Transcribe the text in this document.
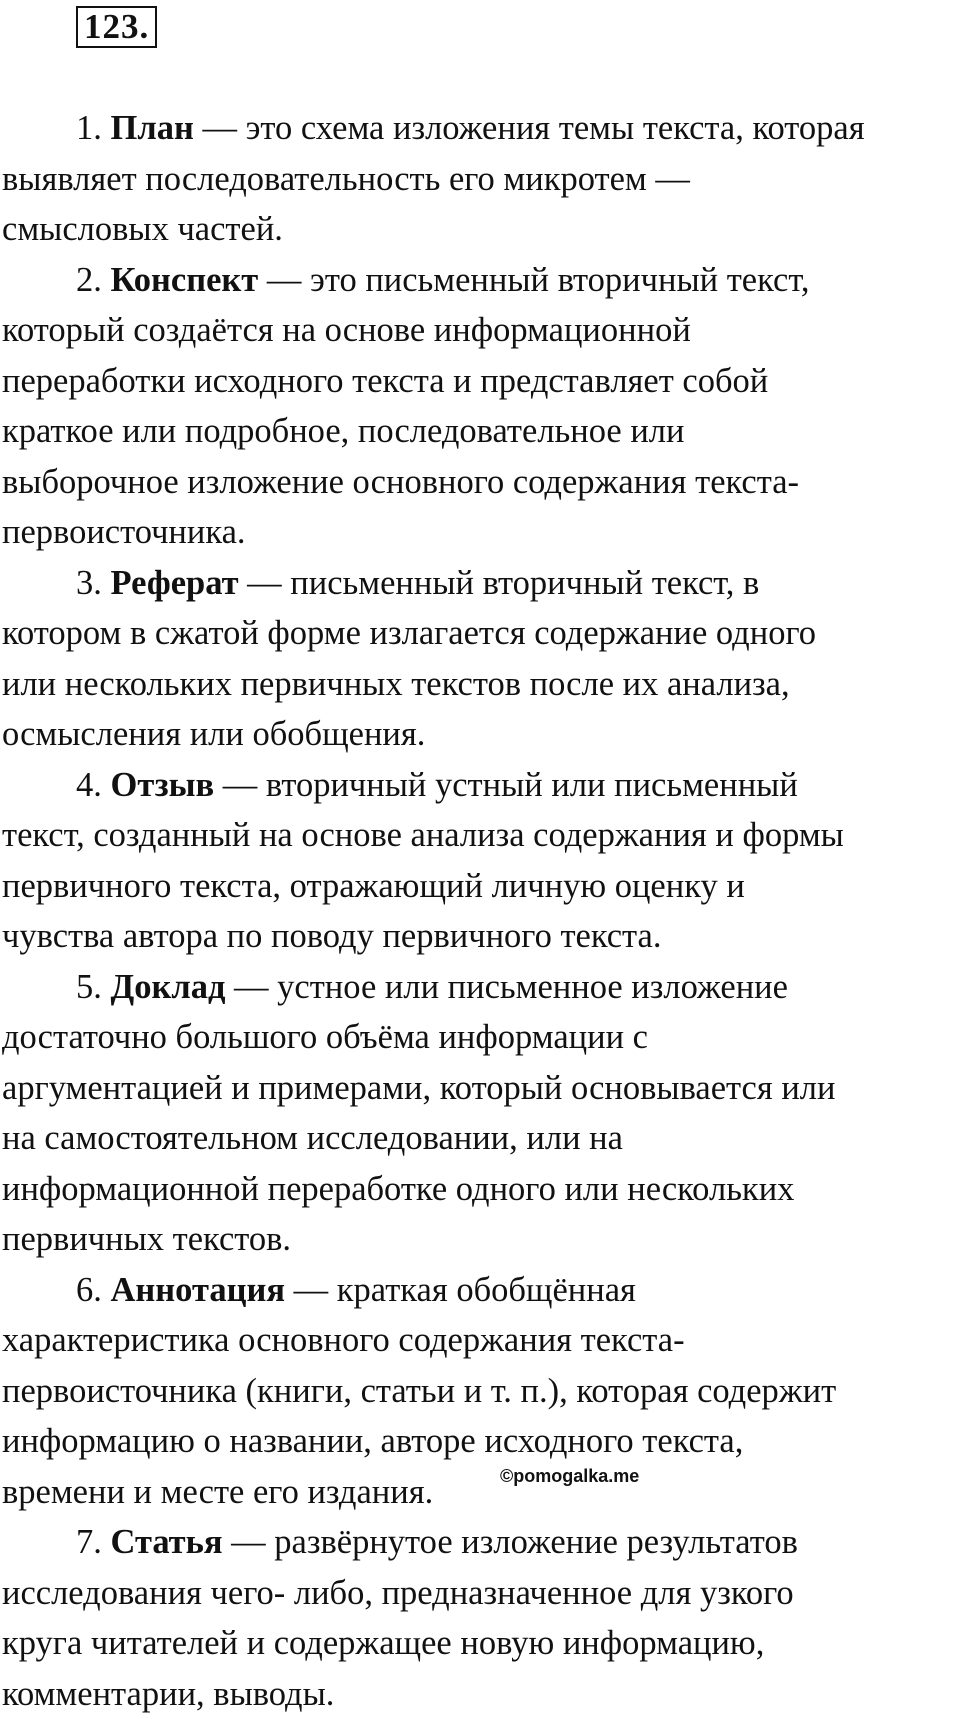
123.

1. План — это схема изложения темы текста, которая
выявляет последовательность его микротем —
смысловых частей.

2. Конспект — это письменный вторичный текст,
который создаётся на основе информационной
переработки исходного текста и представляет собой
краткое или подробное, последовательное или
выборочное изложение основного содержания текста-
первоисточника.

3. Реферат — письменный вторичный текст, в
котором в сжатой форме излагается содержание одного
или нескольких первичных текстов после их анализа,
осмысления или обобщения.

4. Отзыв — вторичный устный или письменный
текст, созданный на основе анализа содержания и формы
первичного текста, отражающий личную оценку и
чувства автора по поводу первичного текста.

5. Доклад — устное или письменное изложение
достаточно большого объёма информации с
аргументацией и примерами, который основывается или
на самостоятельном исследовании, или на
информационной переработке одного или нескольких
первичных текстов.

6. Аннотация — краткая обобщённая
характеристика основного содержания текста-
первоисточника (книги, статьи и т. п.), которая содержит
информацию о названии, авторе исходного текста,
времени и месте его издания.

7. Статья — развёрнутое изложение результатов
исследования чего- либо, предназначенное для узкого
круга читателей и содержащее новую информацию,
комментарии, выводы.

©pomogalka.me
